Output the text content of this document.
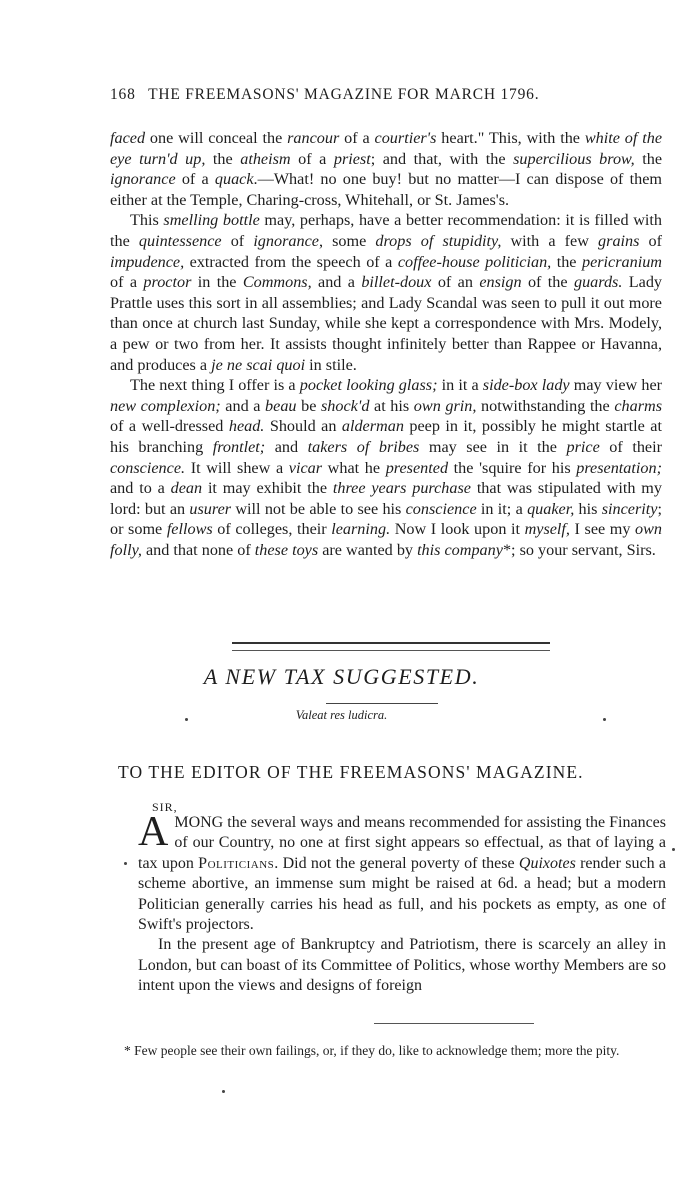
168 THE FREEMASONS' MAGAZINE FOR MARCH 1796.

faced one will conceal the rancour of a courtier's heart." This, with the white of the eye turn'd up, the atheism of a priest; and that, with the supercilious brow, the ignorance of a quack.—What! no one buy! but no matter—I can dispose of them either at the Temple, Charing-cross, Whitehall, or St. James's.

This smelling bottle may, perhaps, have a better recommendation: it is filled with the quintessence of ignorance, some drops of stupidity, with a few grains of impudence, extracted from the speech of a coffee-house politician, the pericranium of a proctor in the Commons, and a billet-doux of an ensign of the guards. Lady Prattle uses this sort in all assemblies; and Lady Scandal was seen to pull it out more than once at church last Sunday, while she kept a correspondence with Mrs. Modely, a pew or two from her. It assists thought infinitely better than Rappee or Havanna, and produces a je ne scai quoi in stile.

The next thing I offer is a pocket looking glass; in it a side-box lady may view her new complexion; and a beau be shock'd at his own grin, notwithstanding the charms of a well-dressed head. Should an alderman peep in it, possibly he might startle at his branching frontlet; and takers of bribes may see in it the price of their conscience. It will shew a vicar what he presented the 'squire for his presentation; and to a dean it may exhibit the three years purchase that was stipulated with my lord: but an usurer will not be able to see his conscience in it; a quaker, his sincerity; or some fellows of colleges, their learning. Now I look upon it myself, I see my own folly, and that none of these toys are wanted by this company*; so your servant, Sirs.

A NEW TAX SUGGESTED.
Valeat res ludicra.
TO THE EDITOR OF THE FREEMASONS' MAGAZINE.
SIR,

AMONG the several ways and means recommended for assisting the Finances of our Country, no one at first sight appears so effectual, as that of laying a tax upon Politicians. Did not the general poverty of these Quixotes render such a scheme abortive, an immense sum might be raised at 6d. a head; but a modern Politician generally carries his head as full, and his pockets as empty, as one of Swift's projectors.

In the present age of Bankruptcy and Patriotism, there is scarcely an alley in London, but can boast of its Committee of Politics, whose worthy Members are so intent upon the views and designs of foreign

* Few people see their own failings, or, if they do, like to acknowledge them; more the pity.
